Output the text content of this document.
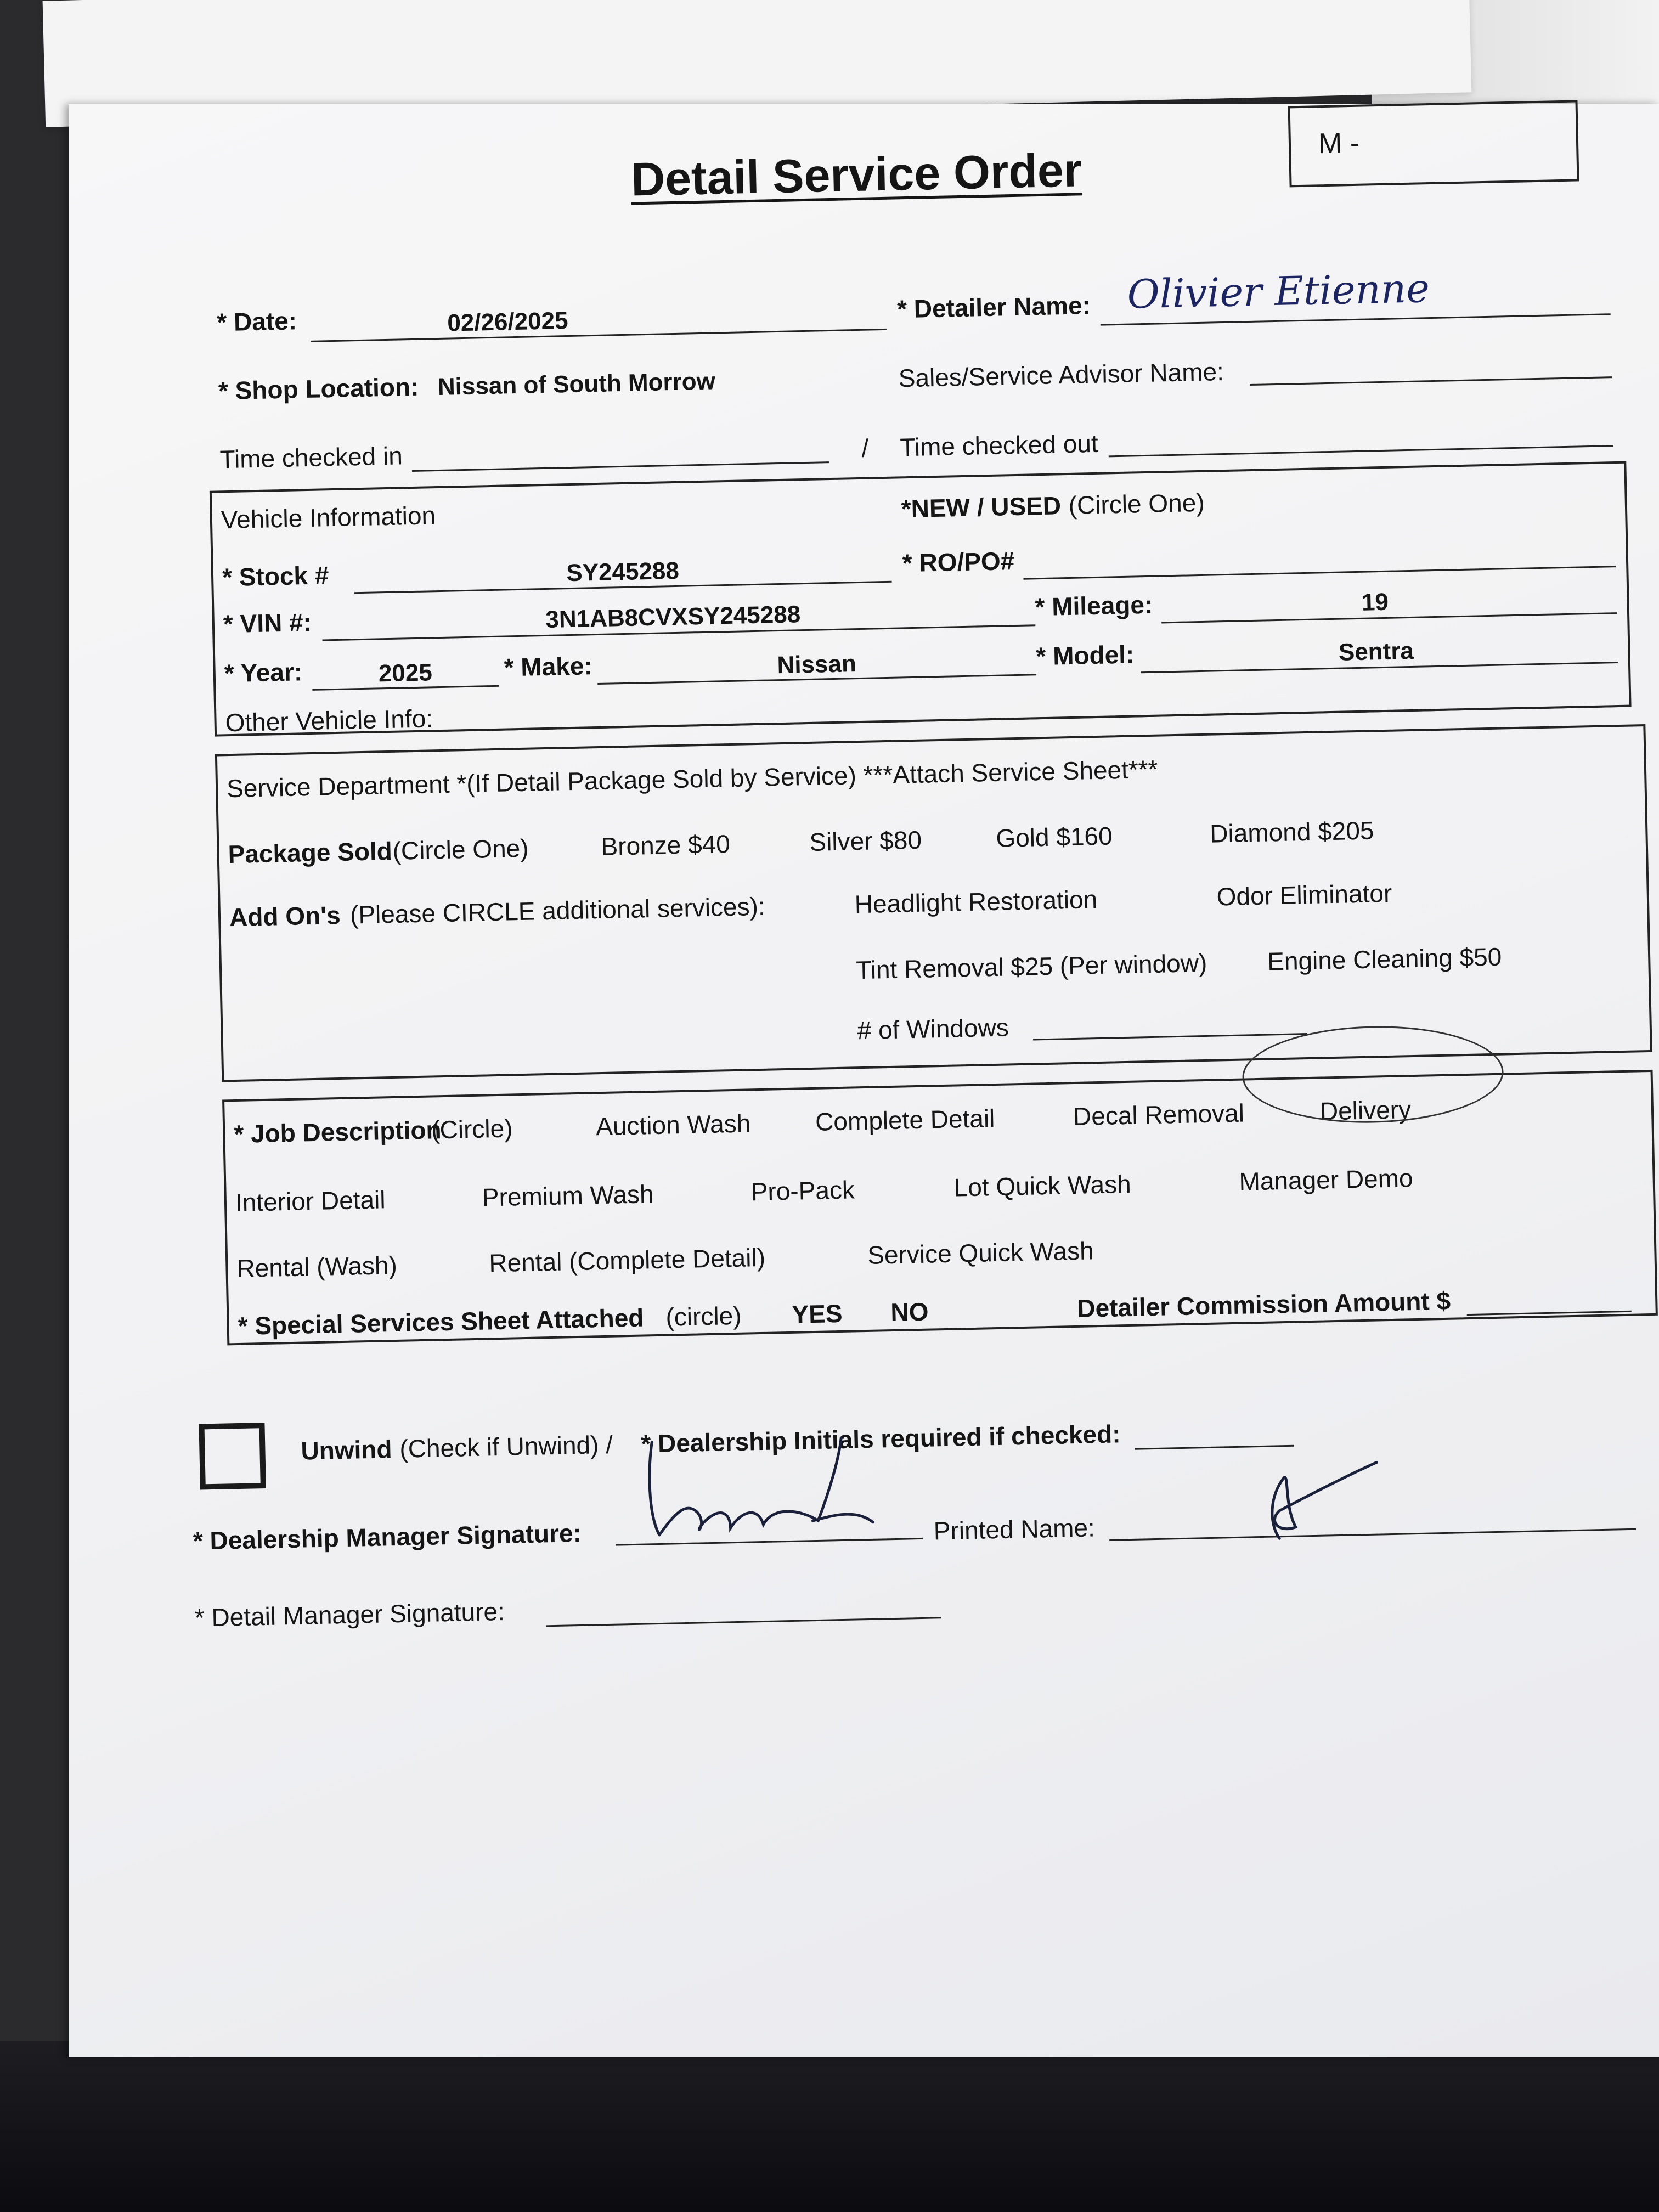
M -
Detail Service Order
* Date:	02/26/2025	* Detailer Name: Olivier Etienne
* Shop Location: Nissan of South Morrow	Sales/Service Advisor Name:
Time checked in	/ Time checked out
Vehicle Information	*NEW / USED (Circle One)
* Stock #	SY245288	* RO/PO#
* VIN #:	3N1AB8CVXSY245288	* Mileage:	19
* Year:	2025	* Make:	Nissan	* Model:	Sentra
Other Vehicle Info:
Service Department *(If Detail Package Sold by Service) ***Attach Service Sheet***
Package Sold (Circle One)	Bronze $40	Silver $80	Gold $160	Diamond $205
Add On's (Please CIRCLE additional services):	Headlight Restoration	Odor Eliminator
Tint Removal $25 (Per window) Engine Cleaning $50
# of Windows
* Job Description
(Circle)	Auction Wash	Complete Detail	Decal Removal	Delivery
Interior Detail	Premium Wash	Pro-Pack	Lot Quick Wash	Manager Demo
Rental (Wash)	Rental (Complete Detail)	Service Quick Wash
* Special Services Sheet Attached (circle) YES NO	Detailer Commission Amount $
Unwind (Check if Unwind) / * Dealership Initials required if checked:
* Dealership Manager Signature:	Printed Name:
* Detail Manager Signature:
